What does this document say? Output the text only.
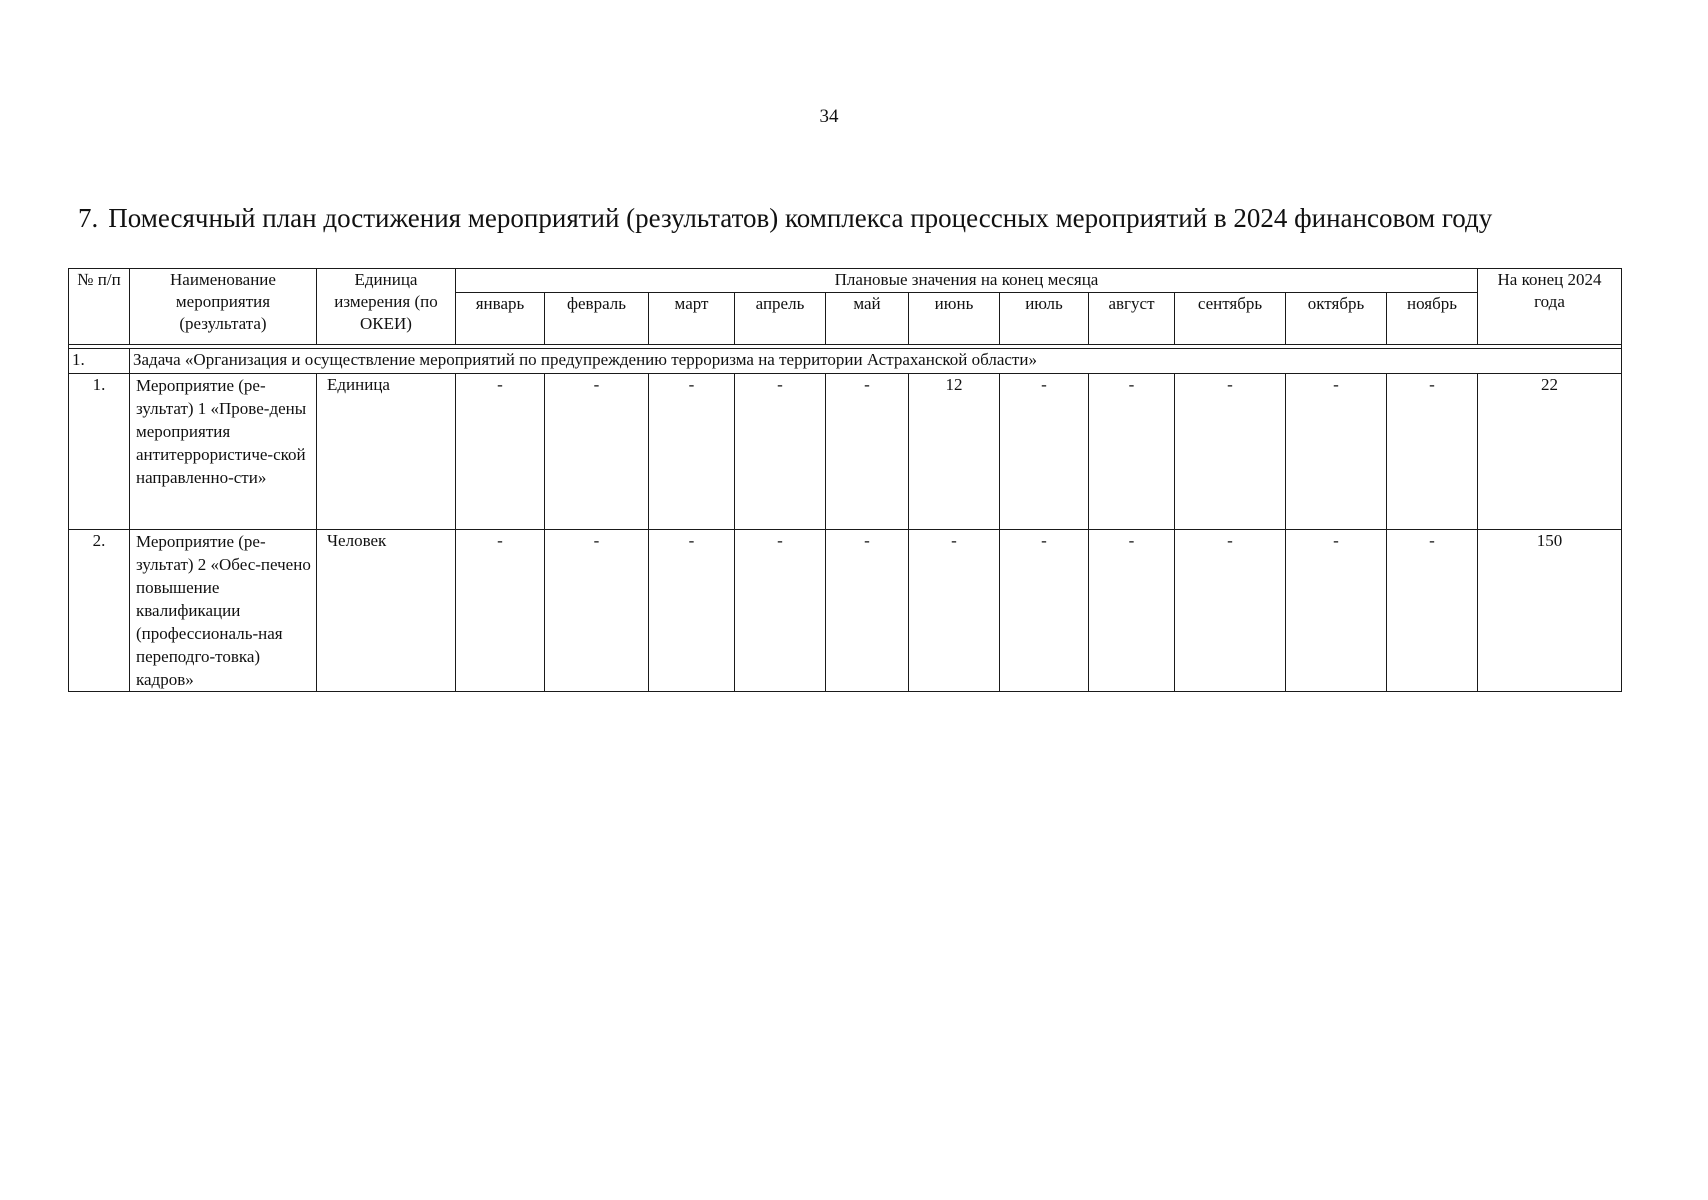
34
7. Помесячный план достижения мероприятий (результатов) комплекса процессных мероприятий в 2024 финансовом году
№ п/п	Наименование мероприятия (результата)	Единица измерения (по ОКЕИ)	Плановые значения на конец месяца											На конец 2024 года
			январь	февраль	март	апрель	май	июнь	июль	август	сентябрь	октябрь	ноябрь	

1.	Задача «Организация и осуществление мероприятий по предупреждению терроризма на территории Астраханской области»													
1.	Мероприятие (ре-зультат) 1 «Прове-дены мероприятия антитеррористиче-ской направленно-сти»	Единица	-	-	-	-	-	12	-	-	-	-	-	22
2.	Мероприятие (ре-зультат) 2 «Обес-печено повышение квалификации (профессиональ-ная переподго-товка) кадров»	Человек	-	-	-	-	-	-	-	-	-	-	-	150
